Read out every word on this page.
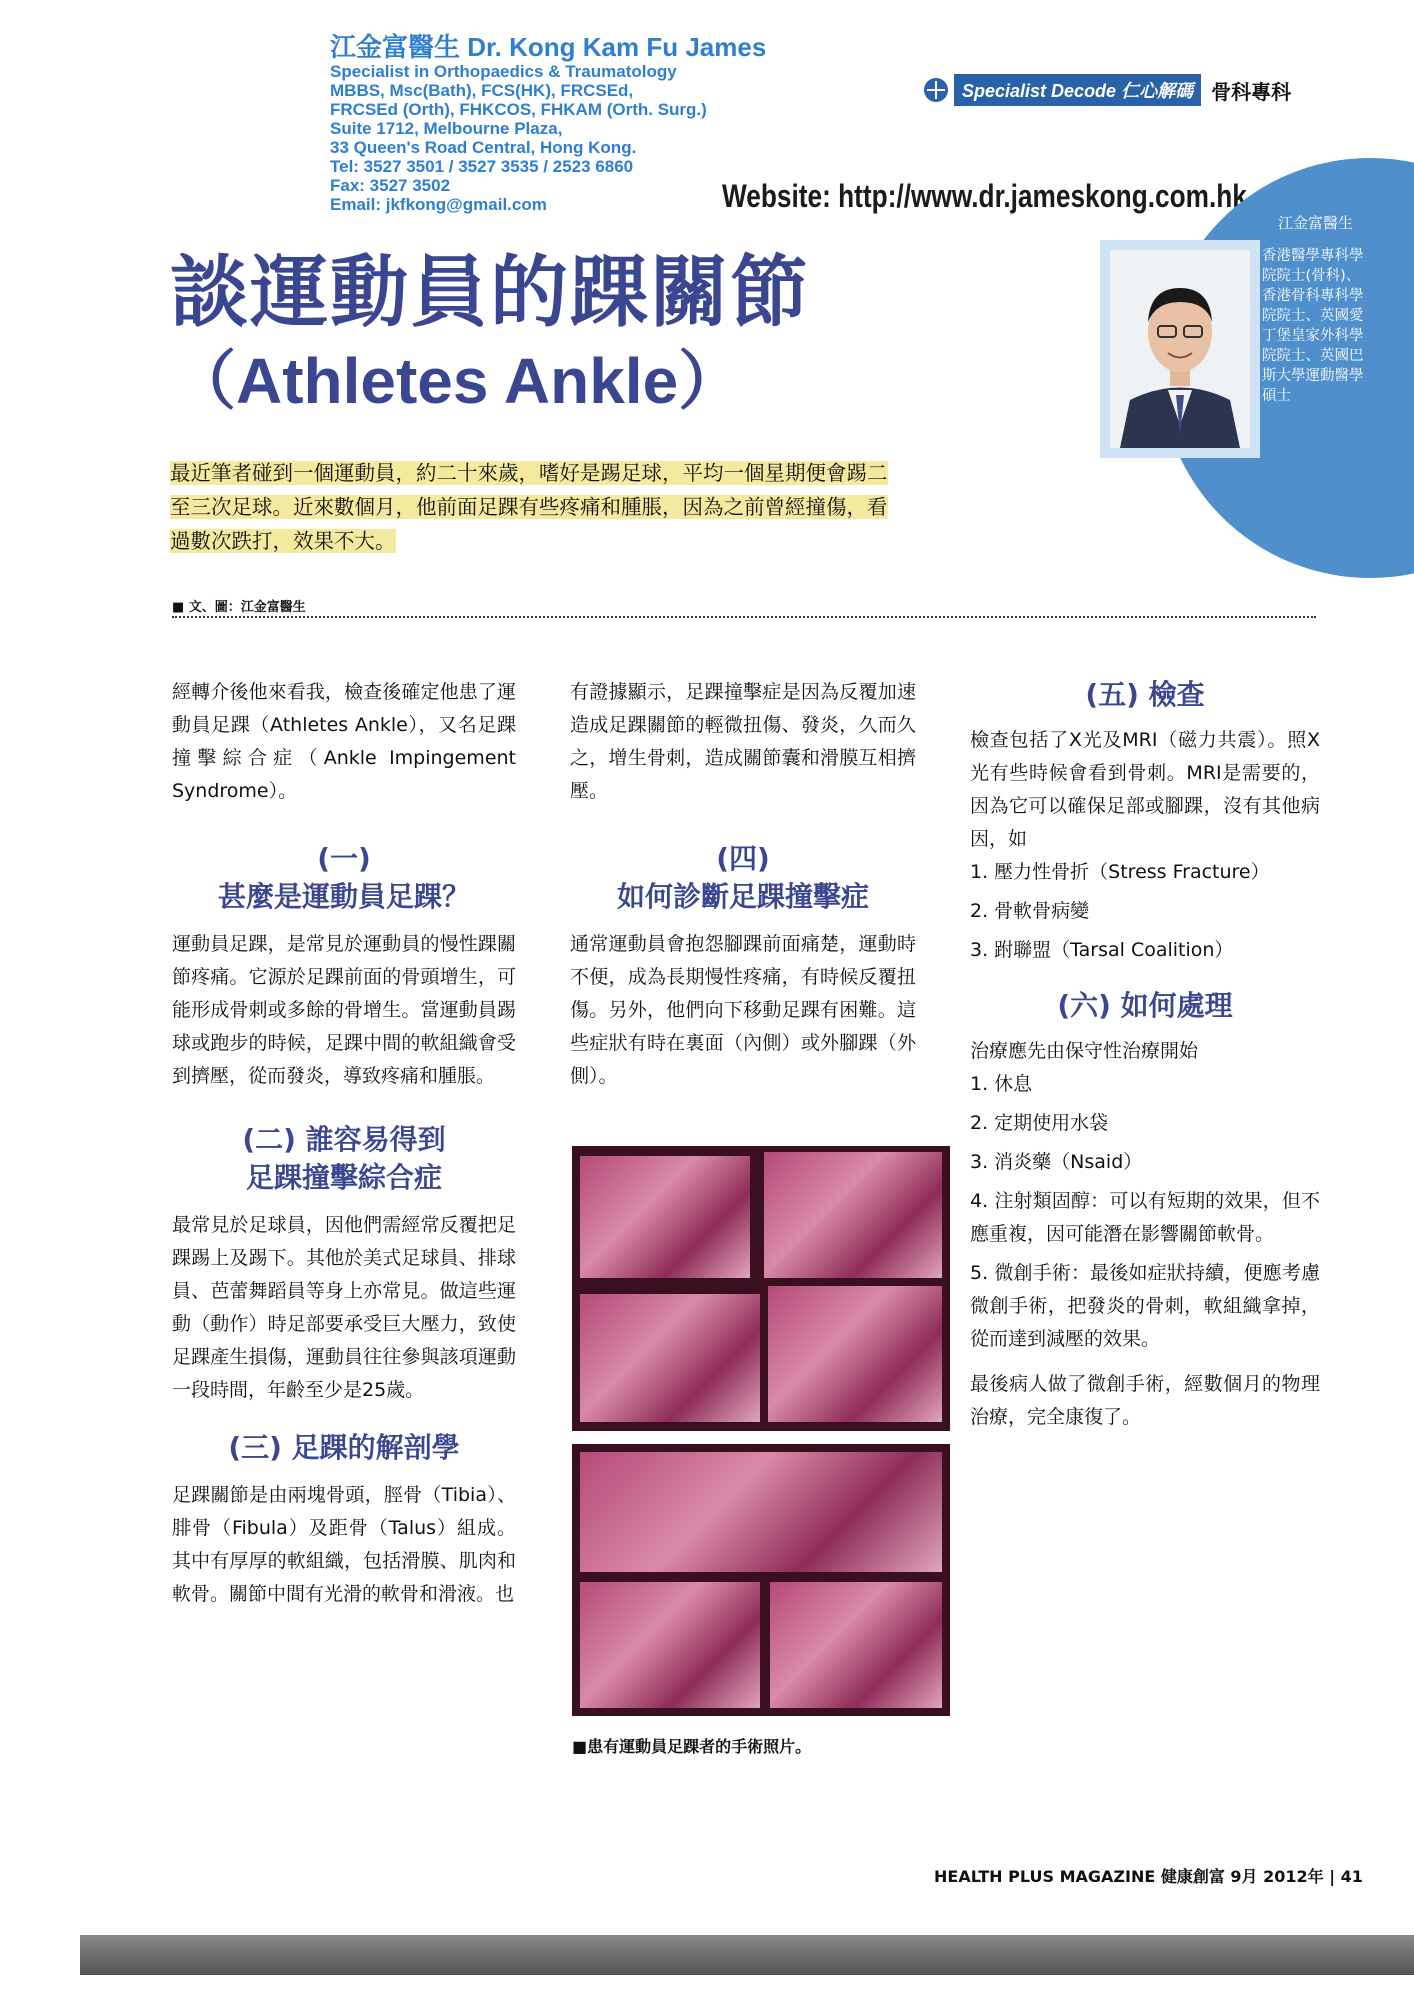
江金富醫生 Dr. Kong Kam Fu James
Specialist in Orthopaedics & Traumatology
MBBS, Msc(Bath), FCS(HK), FRCSEd,
FRCSEd (Orth), FHKCOS, FHKAM (Orth. Surg.)
Suite 1712, Melbourne Plaza,
33 Queen's Road Central, Hong Kong.
Tel: 3527 3501 / 3527 3535 / 2523 6860
Fax: 3527 3502
Email: jkfkong@gmail.com	Website: http://www.dr.jameskong.com.hk
Specialist Decode 仁心解碼 骨科專科
江金富醫生
香港醫學專科學院院士(骨科)、香港骨科專科學院院士、英國愛丁堡皇家外科學院院士、英國巴斯大學運動醫學碩士
談運動員的踝關節
（Athletes Ankle）
最近筆者碰到一個運動員，約二十來歲，嗜好是踢足球，平均一個星期便會踢二
至三次足球。近來數個月，他前面足踝有些疼痛和腫脹，因為之前曾經撞傷，看
過數次跌打，效果不大。
■ 文、圖：江金富醫生

經轉介後他來看我，檢查後確定他患了運動員足踝（Athletes Ankle），又名足踝撞擊綜合症（Ankle Impingement Syndrome）。

(一)
甚麼是運動員足踝？

運動員足踝，是常見於運動員的慢性踝關節疼痛。它源於足踝前面的骨頭增生，可能形成骨刺或多餘的骨增生。當運動員踢球或跑步的時候，足踝中間的軟組織會受到擠壓，從而發炎，導致疼痛和腫脹。

(二) 誰容易得到
足踝撞擊綜合症

最常見於足球員，因他們需經常反覆把足踝踢上及踢下。其他於美式足球員、排球員、芭蕾舞蹈員等身上亦常見。做這些運動（動作）時足部要承受巨大壓力，致使足踝產生損傷，運動員往往參與該項運動一段時間，年齡至少是25歲。

(三) 足踝的解剖學

足踝關節是由兩塊骨頭，脛骨（Tibia）、腓骨（Fibula）及距骨（Talus）組成。其中有厚厚的軟組織，包括滑膜、肌肉和軟骨。關節中間有光滑的軟骨和滑液。也

有證據顯示，足踝撞擊症是因為反覆加速造成足踝關節的輕微扭傷、發炎，久而久之，增生骨刺，造成關節囊和滑膜互相擠壓。

(四)
如何診斷足踝撞擊症

通常運動員會抱怨腳踝前面痛楚，運動時不便，成為長期慢性疼痛，有時候反覆扭傷。另外，他們向下移動足踝有困難。這些症狀有時在裏面（內側）或外腳踝（外側）。

■患有運動員足踝者的手術照片。
(五) 檢查

檢查包括了X光及MRI（磁力共震）。照X光有些時候會看到骨刺。MRI是需要的，因為它可以確保足部或腳踝，沒有其他病因，如

1. 壓力性骨折（Stress Fracture）
2. 骨軟骨病變
3. 跗聯盟（Tarsal Coalition）
(六) 如何處理

治療應先由保守性治療開始

1. 休息
2. 定期使用水袋
3. 消炎藥（Nsaid）
4. 注射類固醇：可以有短期的效果，但不應重複，因可能潛在影響關節軟骨。
5. 微創手術：最後如症狀持續，便應考慮微創手術，把發炎的骨刺，軟組織拿掉，從而達到減壓的效果。

最後病人做了微創手術，經數個月的物理治療，完全康復了。

HEALTH PLUS MAGAZINE 健康創富 9月 2012年 | 41
